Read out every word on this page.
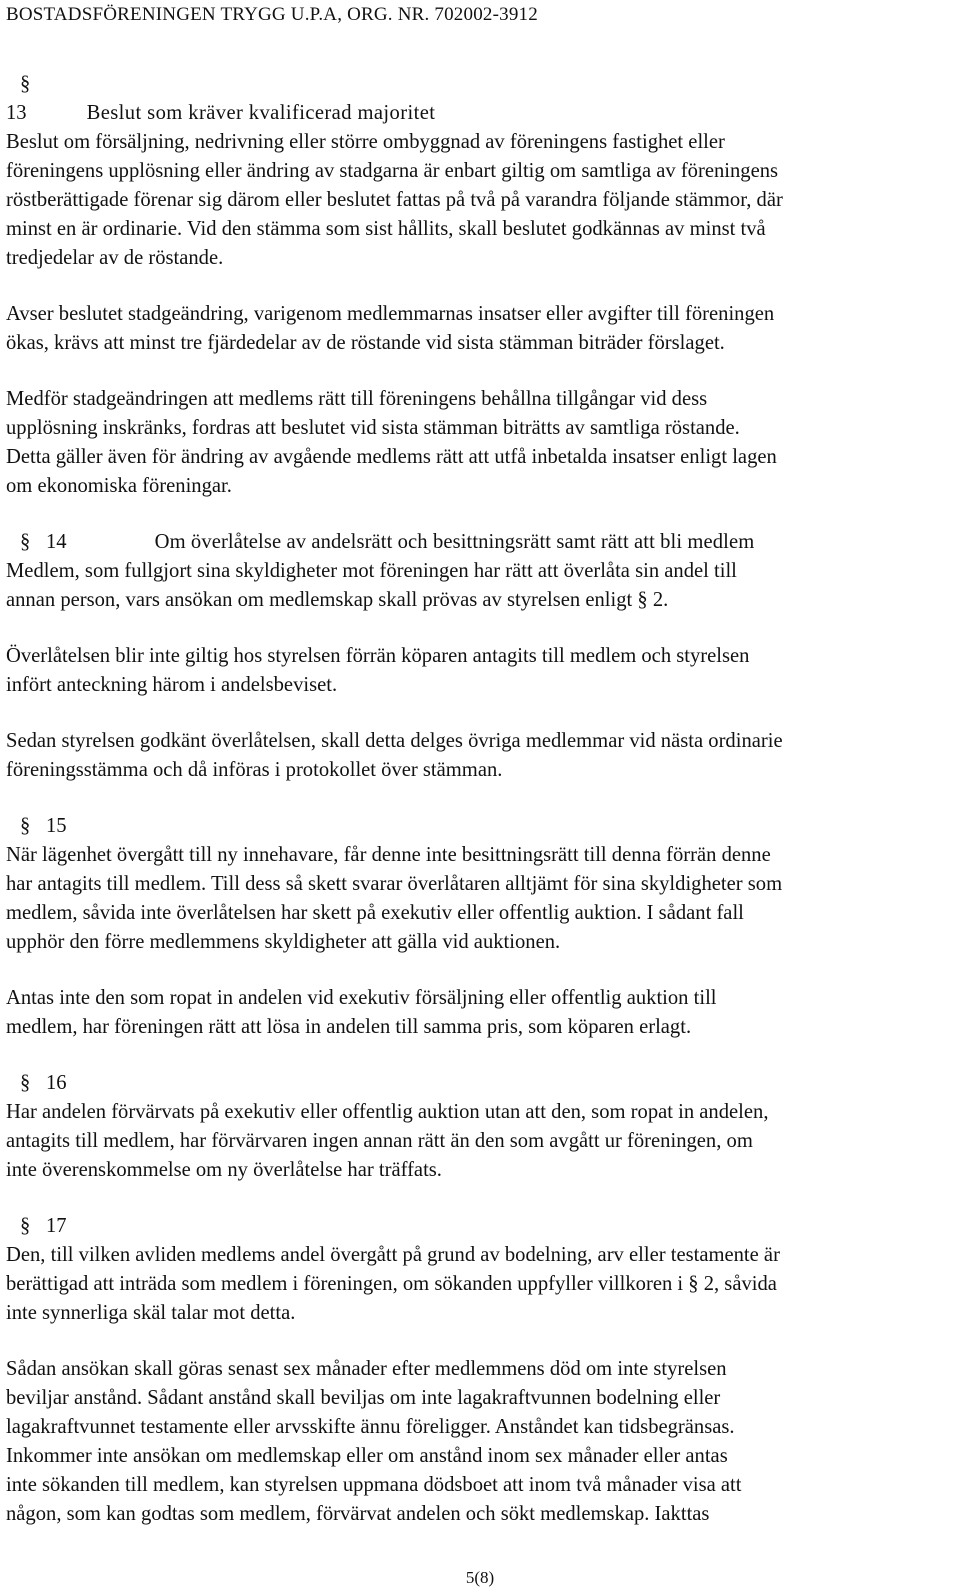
BOSTADSFÖRENINGEN TRYGG U.P.A, ORG. NR. 702002-3912
§
13	Beslut som kräver kvalificerad majoritet
Beslut om försäljning, nedrivning eller större ombyggnad av föreningens fastighet eller
föreningens upplösning eller ändring av stadgarna är enbart giltig om samtliga av föreningens
röstberättigade förenar sig därom eller beslutet fattas på två på varandra följande stämmor, där
minst en är ordinarie. Vid den stämma som sist hållits, skall beslutet godkännas av minst två
tredjedelar av de röstande.
Avser beslutet stadgeändring, varigenom medlemmarnas insatser eller avgifter till föreningen
ökas, krävs att minst tre fjärdedelar av de röstande vid sista stämman biträder förslaget.
Medför stadgeändringen att medlems rätt till föreningens behållna tillgångar vid dess
upplösning inskränks, fordras att beslutet vid sista stämman biträtts av samtliga röstande.
Detta gäller även för ändring av avgående medlems rätt att utfå inbetalda insatser enligt lagen
om ekonomiska föreningar.
§ 14	Om överlåtelse av andelsrätt och besittningsrätt samt rätt att bli medlem
Medlem, som fullgjort sina skyldigheter mot föreningen har rätt att överlåta sin andel till
annan person, vars ansökan om medlemskap skall prövas av styrelsen enligt § 2.
Överlåtelsen blir inte giltig hos styrelsen förrän köparen antagits till medlem och styrelsen
infört anteckning härom i andelsbeviset.
Sedan styrelsen godkänt överlåtelsen, skall detta delges övriga medlemmar vid nästa ordinarie
föreningsstämma och då införas i protokollet över stämman.
§ 15
När lägenhet övergått till ny innehavare, får denne inte besittningsrätt till denna förrän denne
har antagits till medlem. Till dess så skett svarar överlåtaren alltjämt för sina skyldigheter som
medlem, såvida inte överlåtelsen har skett på exekutiv eller offentlig auktion. I sådant fall
upphör den förre medlemmens skyldigheter att gälla vid auktionen.
Antas inte den som ropat in andelen vid exekutiv försäljning eller offentlig auktion till
medlem, har föreningen rätt att lösa in andelen till samma pris, som köparen erlagt.
§ 16
Har andelen förvärvats på exekutiv eller offentlig auktion utan att den, som ropat in andelen,
antagits till medlem, har förvärvaren ingen annan rätt än den som avgått ur föreningen, om
inte överenskommelse om ny överlåtelse har träffats.
§ 17
Den, till vilken avliden medlems andel övergått på grund av bodelning, arv eller testamente är
berättigad att inträda som medlem i föreningen, om sökanden uppfyller villkoren i § 2, såvida
inte synnerliga skäl talar mot detta.
Sådan ansökan skall göras senast sex månader efter medlemmens död om inte styrelsen
beviljar anstånd. Sådant anstånd skall beviljas om inte lagakraftvunnen bodelning eller
lagakraftvunnet testamente eller arvsskifte ännu föreligger. Anståndet kan tidsbegränsas.
Inkommer inte ansökan om medlemskap eller om anstånd inom sex månader eller antas
inte sökanden till medlem, kan styrelsen uppmana dödsboet att inom två månader visa att
någon, som kan godtas som medlem, förvärvat andelen och sökt medlemskap. Iakttas
5(8)
